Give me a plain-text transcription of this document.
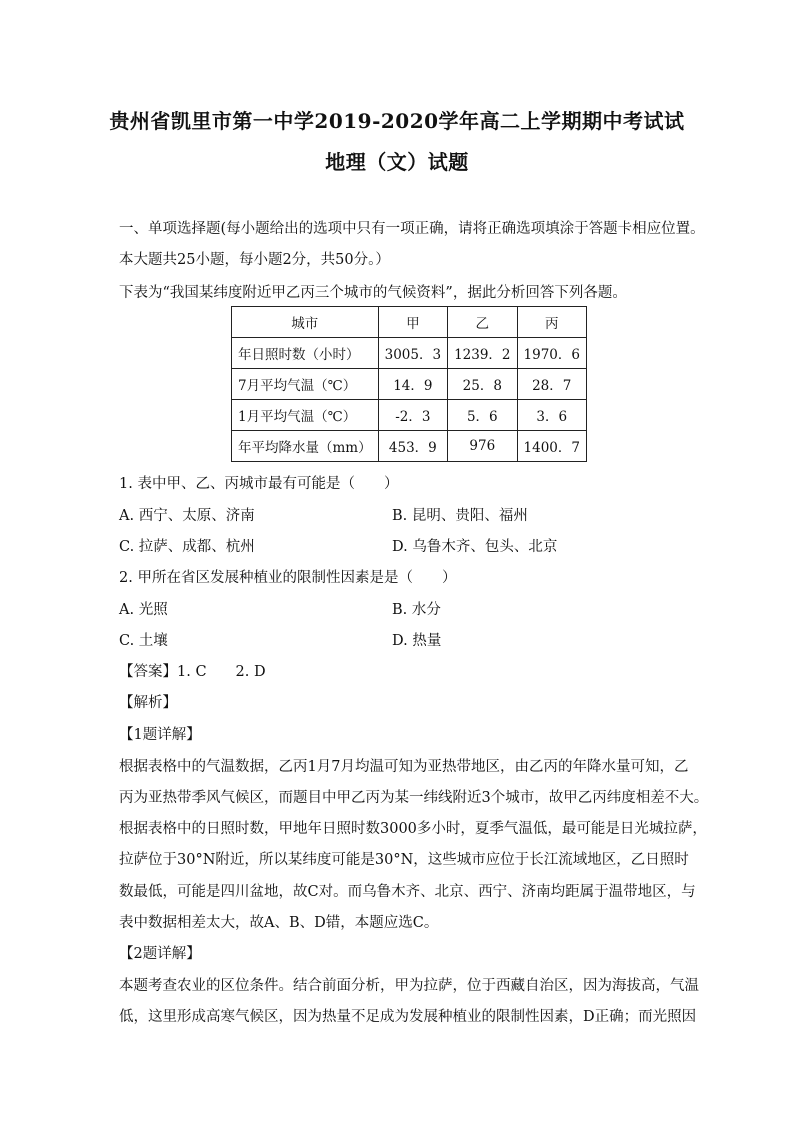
贵州省凯里市第一中学2019-2020学年高二上学期期中考试试
地理（文）试题
一、单项选择题(每小题给出的选项中只有一项正确，请将正确选项填涂于答题卡相应位置。
本大题共25小题，每小题2分，共50分。）
下表为“我国某纬度附近甲乙丙三个城市的气候资料”，据此分析回答下列各题。
城市	甲	乙	丙
年日照时数（小时）	3005．3	1239．2	1970．6
7月平均气温（℃）	14．9	25．8	28．7
1月平均气温（℃）	-2．3	5．6	3．6
年平均降水量（mm）	453．9	976	1400．7
1. 表中甲、乙、丙城市最有可能是（　　）
A. 西宁、太原、济南	B. 昆明、贵阳、福州
C. 拉萨、成都、杭州	D. 乌鲁木齐、包头、北京
2. 甲所在省区发展种植业的限制性因素是是（　　）
A. 光照	B. 水分
C. 土壤	D. 热量
【答案】1. C　　2. D
【解析】
【1题详解】
根据表格中的气温数据，乙丙1月7月均温可知为亚热带地区，由乙丙的年降水量可知，乙
丙为亚热带季风气候区，而题目中甲乙丙为某一纬线附近3个城市，故甲乙丙纬度相差不大。
根据表格中的日照时数，甲地年日照时数3000多小时，夏季气温低，最可能是日光城拉萨，
拉萨位于30°N附近，所以某纬度可能是30°N，这些城市应位于长江流域地区，乙日照时
数最低，可能是四川盆地，故C对。而乌鲁木齐、北京、西宁、济南均距属于温带地区，与
表中数据相差太大，故A、B、D错，本题应选C。
【2题详解】
本题考查农业的区位条件。结合前面分析，甲为拉萨，位于西藏自治区，因为海拔高，气温
低，这里形成高寒气候区，因为热量不足成为发展种植业的限制性因素，D正确；而光照因
